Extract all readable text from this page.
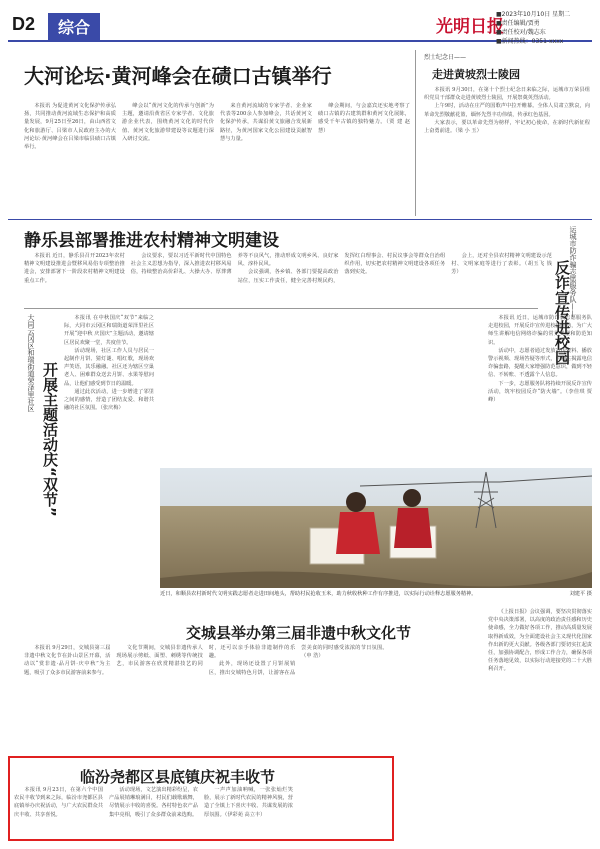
D2	综合	光明日报
■2023年10月10日 星期二
■责任编辑/贾勇
■责任校对/魏志东
■新闻热线：0351-xxxx
大河论坛·黄河峰会在碛口古镇举行

本报讯 为促进黄河文化保护传承弘扬，共同推动黄河流域生态保护和高质量发展，9月25日至26日，由山西省文化和旅游厅、吕梁市人民政府主办的大河论坛·黄河峰会在吕梁市临县碛口古镇举行。

峰会以“黄河文化的传承与创新”为主题，邀请沿黄省区专家学者、文化旅游企业代表，围绕黄河文化的时代价值、黄河文化旅游带建设等议题进行深入研讨交流。

来自黄河流域的专家学者、企业家代表等200余人参加峰会，共话黄河文化保护传承，共谋沿黄文旅融合发展新路径，为黄河国家文化公园建设贡献智慧与力量。

峰会期间，与会嘉宾还实地考察了碛口古镇的古建筑群和黄河文化展陈，感受千年古镇的独特魅力。（贾 建 赵 慧）

烈士纪念日——
走进黄坡烈士陵园

本报讯 9月30日，在第十个烈士纪念日来临之际，运城市万荣县组织党员干部群众走进黄坡烈士陵园，开展祭奠英烈活动。

上午9时，活动在庄严的国歌声中拉开帷幕。全体人员肃立默哀，向革命先烈敬献花篮，缅怀先烈丰功伟绩，传承红色基因。

大家表示，要以革命先烈为榜样，牢记初心使命，在新时代新征程上奋勇前进。（梁 小 玉）

静乐县部署推进农村精神文明建设

本报讯 近日，静乐县召开2023年农村精神文明建设推进会暨移风易俗专项整治推进会，安排部署下一阶段农村精神文明建设重点工作。

会议要求，要以习近平新时代中国特色社会主义思想为指导，深入推进农村移风易俗，持续整治高价彩礼、大操大办、厚葬薄养等不良风气，推动形成文明乡风、良好家风、淳朴民风。

会议强调，各乡镇、各部门要提高政治站位，压实工作责任，健全完善村规民约，发挥红白理事会、村民议事会等群众自治组织作用，切实把农村精神文明建设各项任务落到实处。

会上，还对全县农村精神文明建设示范村、文明家庭等进行了表彰。（胡玉飞 钱 芳）	运城市防诈骗志愿服务队——
反诈宣传进校园
大同云冈区和瑞街道荣泽里社区 开展主题活动庆“双节”

本报讯 在中秋国庆“双节”来临之际，大同市云冈区和瑞街道荣泽里社区开展“迎中秋 庆国庆”主题活动，邀请辖区居民欢聚一堂，共度佳节。

活动现场，社区工作人员与居民一起制作月饼、猜灯谜、唱红歌，现场欢声笑语，其乐融融。社区还为辖区空巢老人、困难群众送去月饼、水果等慰问品，让他们感受到节日的温暖。

通过此次活动，进一步增进了邻里之间的感情，营造了团结友爱、和谐共融的社区氛围。（张庆梅）

近日，和顺县农村新时代文明实践志愿者走进田间地头，帮助村民抢收玉米，助力秋收秋种工作有序推进，以实际行动诠释志愿服务精神。	刘建平 摄

本报讯 近日，运城市防诈骗志愿服务队走进校园，开展反诈宣传进校园活动，为广大师生讲解电信网络诈骗的常见类型和防范知识。

活动中，志愿者通过发放宣传资料、播放警示视频、现场答疑等形式，向师生揭露电信诈骗套路，提醒大家增强防范意识，做到不轻信、不转账、不透露个人信息。

下一步，志愿服务队将持续开展反诈宣传活动，筑牢校园反诈“防火墙”。（李佳琪 贾 峰）

《上报日报》会议强调，要坚决贯彻落实党中央决策部署，以高度的政治责任感和历史使命感，全力做好各项工作，推动高质量发展取得新成效，为全面建设社会主义现代化国家作出新的更大贡献。各级各部门要切实扛起责任，加强协调配合，形成工作合力，确保各项任务落地见效，以实际行动迎接党的二十大胜利召开。

交城县举办第三届非遗中秋文化节

本报讯 9月29日，交城县第三届非遗中秋文化节在卦山景区开幕，活动以“赏非遗·品月饼·庆中秋”为主题，吸引了众多市民游客前来参与。

文化节期间，交城县非遗传承人现场展示剪纸、面塑、刺绣等传统技艺，市民游客在欣赏精湛技艺的同时，还可以亲手体验非遗制作的乐趣。

此外，现场还设置了月饼展销区，推出交城特色月饼，让游客在品尝美食的同时感受浓浓的节日氛围。（申 浩）

临汾尧都区县底镇庆祝丰收节

本报讯 9月23日，在第六个中国农民丰收节到来之际，临汾市尧都区县底镇举办庆祝活动，与广大农民群众共庆丰收、共享喜悦。

活动现场，文艺演出精彩纷呈，农产品展销琳琅满目，村民们载歌载舞，尽情展示丰收的喜悦。各村特色农产品集中亮相，吸引了众多群众前来选购。

一声声加油呐喊，一张张灿烂笑脸，展示了新时代农民的精神风貌，营造了全镇上下喜庆丰收、共谋发展的浓厚氛围。（伊彩苑 高立丰）
